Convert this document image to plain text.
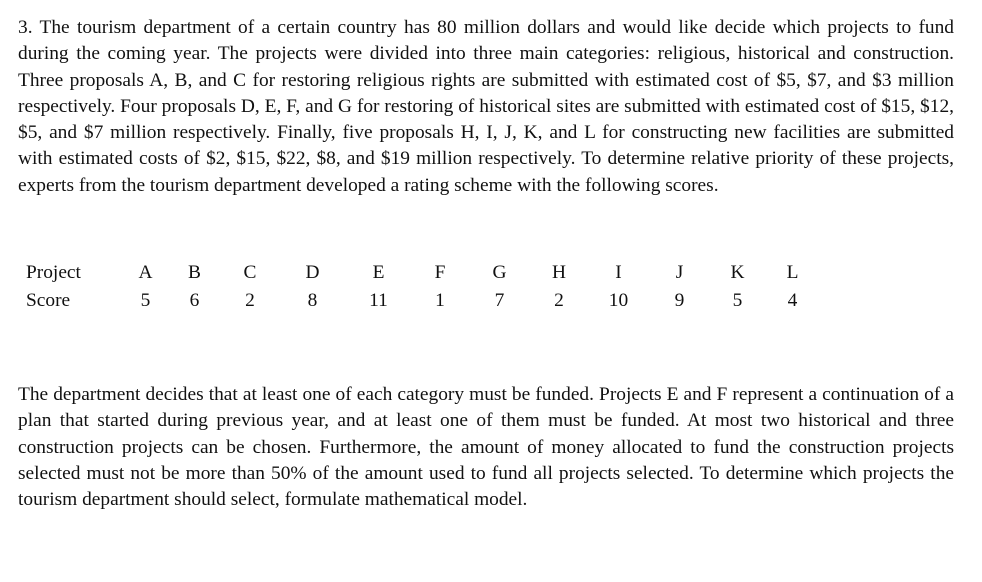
3. The tourism department of a certain country has 80 million dollars and would like decide which projects to fund during the coming year. The projects were divided into three main categories: religious, historical and construction. Three proposals A, B, and C for restoring religious rights are submitted with estimated cost of $5, $7, and $3 million respectively. Four proposals D, E, F, and G for restoring of historical sites are submitted with estimated cost of $15, $12, $5, and $7 million respectively. Finally, five proposals H, I, J, K, and L for constructing new facilities are submitted with estimated costs of $2, $15, $22, $8, and $19 million respectively. To determine relative priority of these projects, experts from the tourism department developed a rating scheme with the following scores.

Project	A	B	C	D	E	F	G	H	I	J	K	L
Score	5	6	2	8	11	1	7	2	10	9	5	4

The department decides that at least one of each category must be funded. Projects E and F represent a continuation of a plan that started during previous year, and at least one of them must be funded. At most two historical and three construction projects can be chosen. Furthermore, the amount of money allocated to fund the construction projects selected must not be more than 50% of the amount used to fund all projects selected. To determine which projects the tourism department should select, formulate mathematical model.
